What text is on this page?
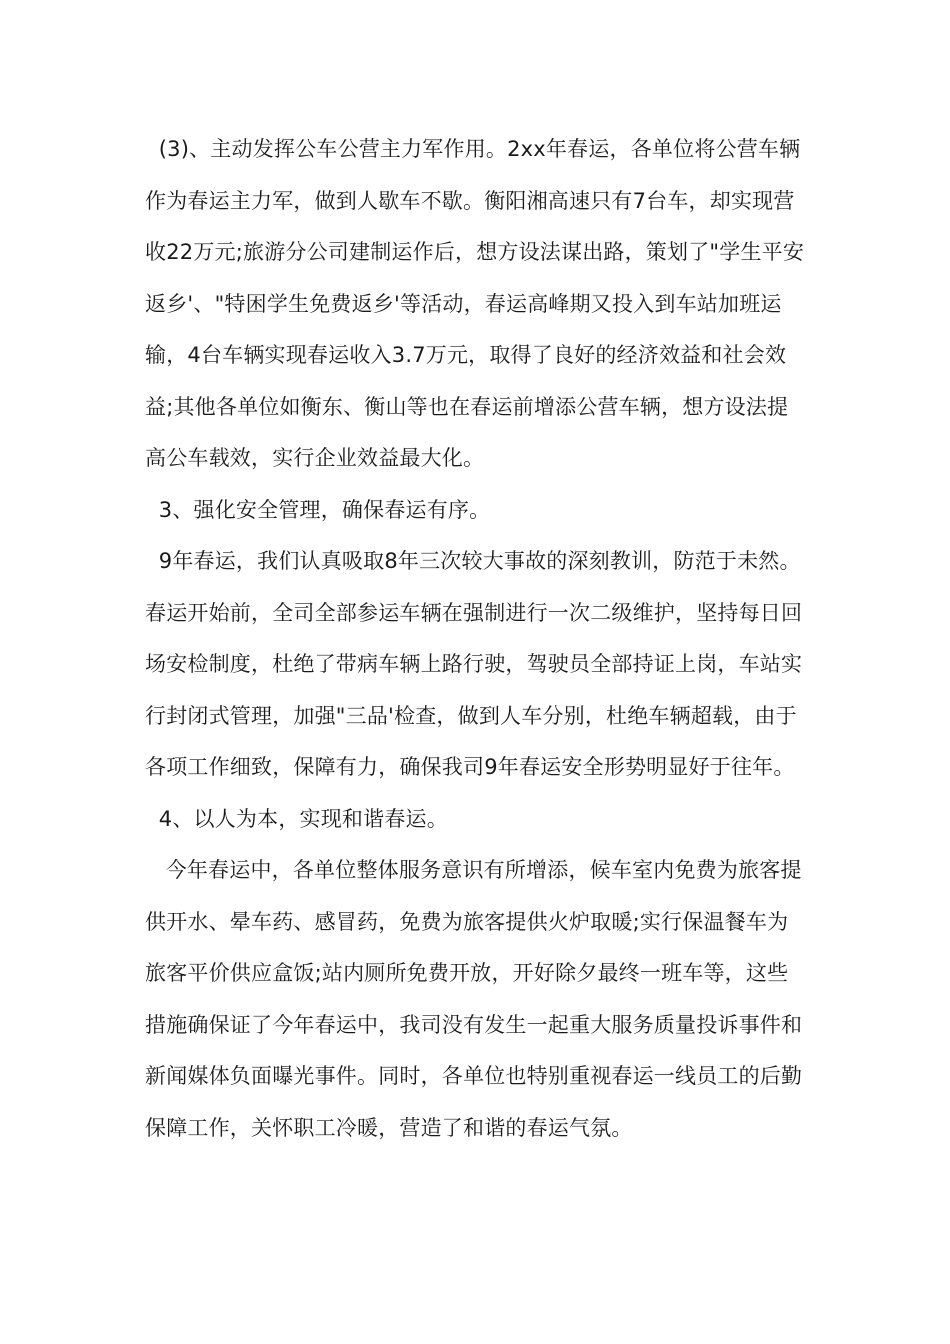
(3)、主动发挥公车公营主力军作用。2xx年春运，各单位将公营车辆作为春运主力军，做到人歇车不歇。衡阳湘高速只有7台车，却实现营收22万元;旅游分公司建制运作后，想方设法谋出路，策划了"学生平安返乡'、"特困学生免费返乡'等活动，春运高峰期又投入到车站加班运输，4台车辆实现春运收入3.7万元，取得了良好的经济效益和社会效益;其他各单位如衡东、衡山等也在春运前增添公营车辆，想方设法提高公车载效，实行企业效益最大化。

3、强化安全管理，确保春运有序。

9年春运，我们认真吸取8年三次较大事故的深刻教训，防范于未然。春运开始前，全司全部参运车辆在强制进行一次二级维护，坚持每日回场安检制度，杜绝了带病车辆上路行驶，驾驶员全部持证上岗，车站实行封闭式管理，加强"三品'检查，做到人车分别，杜绝车辆超载，由于各项工作细致，保障有力，确保我司9年春运安全形势明显好于往年。

4、以人为本，实现和谐春运。

今年春运中，各单位整体服务意识有所增添，候车室内免费为旅客提供开水、晕车药、感冒药，免费为旅客提供火炉取暖;实行保温餐车为旅客平价供应盒饭;站内厕所免费开放，开好除夕最终一班车等，这些措施确保证了今年春运中，我司没有发生一起重大服务质量投诉事件和新闻媒体负面曝光事件。同时，各单位也特别重视春运一线员工的后勤保障工作，关怀职工冷暖，营造了和谐的春运气氛。
